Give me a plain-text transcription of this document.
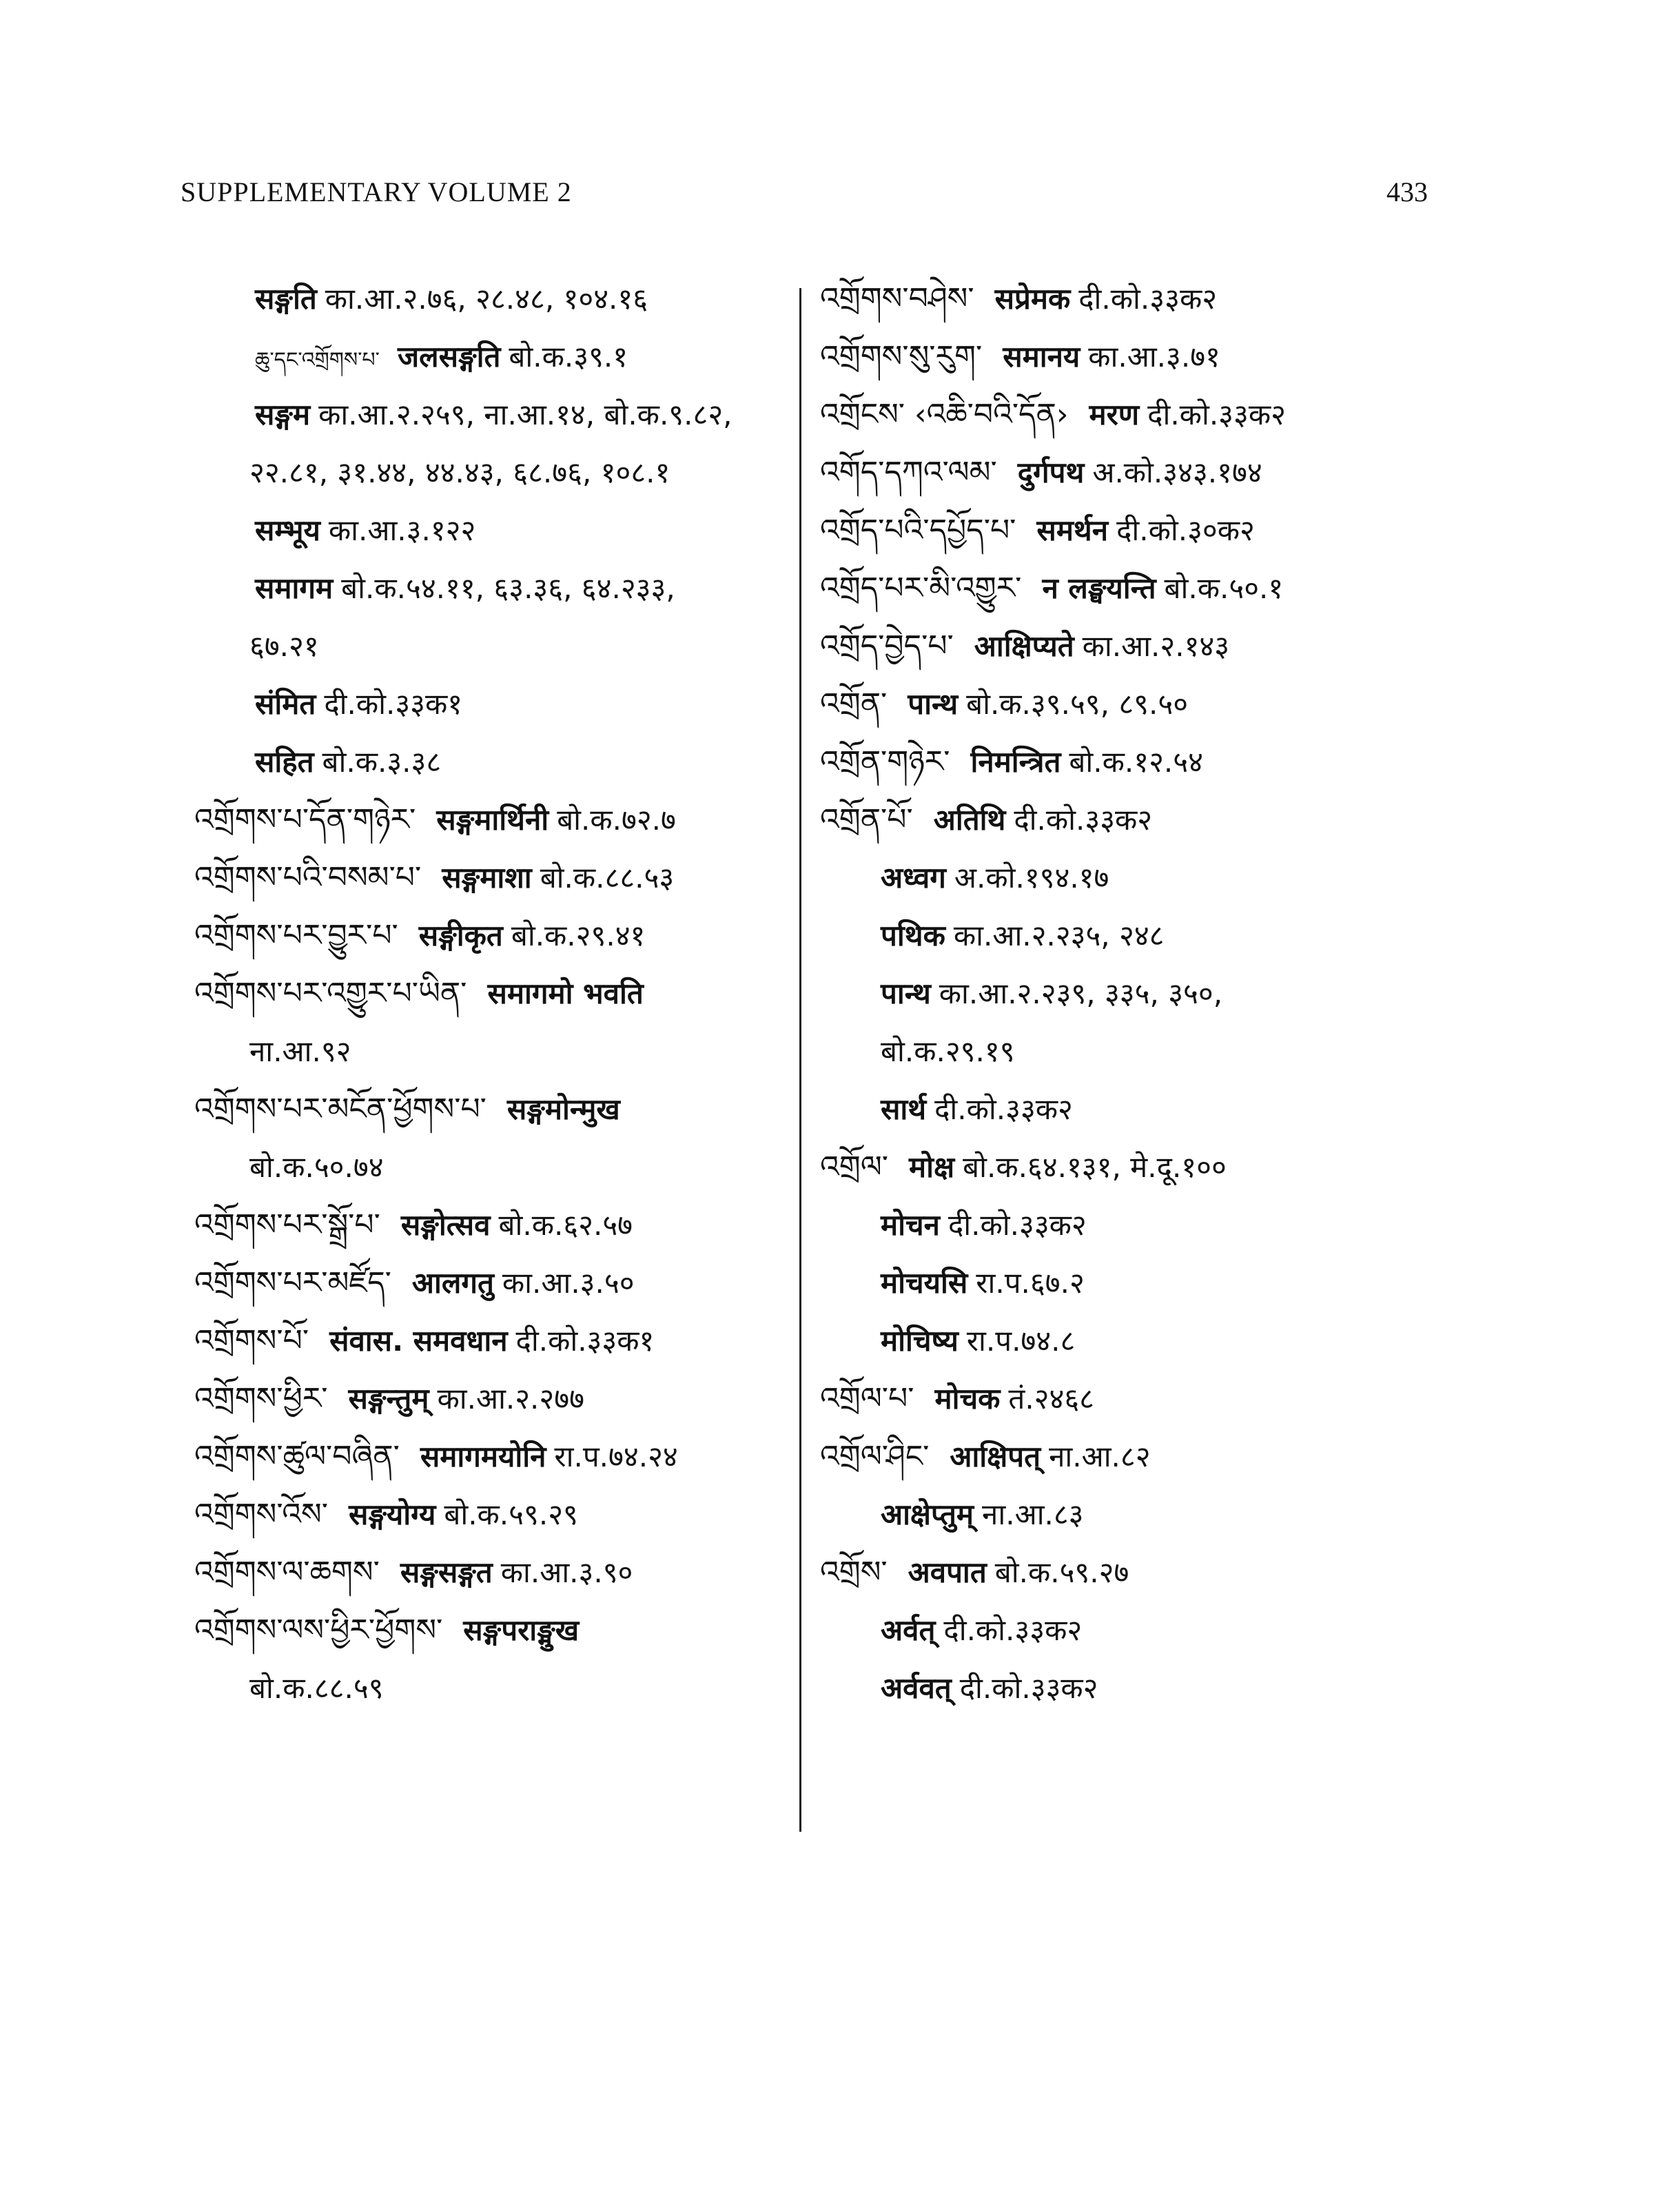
SUPPLEMENTARY VOLUME 2	433
सङ्गति का.आ.२.७६, २८.४८, १०४.१६
ཆུ་དང་འགྲོགས་པ་ जलसङ्गति बो.क.३९.१
सङ्गम का.आ.२.२५९, ना.आ.१४, बो.क.९.८२,
२२.८१, ३१.४४, ४४.४३, ६८.७६, १०८.१
सम्भूय का.आ.३.१२२
समागम बो.क.५४.११, ६३.३६, ६४.२३३,
६७.२१
संमित दी.को.३३क१
सहित बो.क.३.३८
འགྲོགས་པ་དོན་གཉེར་ सङ्गमार्थिनी बो.क.७२.७
འགྲོགས་པའི་བསམ་པ་ सङ्गमाशा बो.क.८८.५३
འགྲོགས་པར་བྱུར་པ་ सङ्गीकृत बो.क.२९.४१
འགྲོགས་པར་འགྱུར་པ་ཡིན་ समागमो भवति
ना.आ.९२
འགྲོགས་པར་མངོན་ཕྱོགས་པ་ सङ्गमोन्मुख
बो.क.५०.७४
འགྲོགས་པར་སྒྲོ་པ་ सङ्गोत्सव बो.क.६२.५७
འགྲོགས་པར་མཛོད་ आलगतु का.आ.३.५०
འགྲོགས་པོ་ संवास. समवधान दी.को.३३क१
འགྲོགས་ཕྱིར་ सङ्गन्तुम् का.आ.२.२७७
འགྲོགས་ཚུལ་བཞིན་ समागमयोनि रा.प.७४.२४
འགྲོགས་འོས་ सङ्गयोग्य बो.क.५९.२९
འགྲོགས་ལ་ཆགས་ सङ्गसङ्गत का.आ.३.९०
འགྲོགས་ལས་ཕྱིར་ཕྱོགས་ सङ्गपराङ्मुख
बो.क.८८.५९
འགྲོགས་བཤེས་ सप्रेमक दी.को.३३क२
འགྲོགས་སུ་རུག་ समानय का.आ.३.७१
འགྲོངས་ ‹འཆི་བའི་དོན› मरण दी.को.३३क२
འགོད་དཀའ་ལམ་ दुर्गपथ अ.को.३४३.१७४
འགྲོད་པའི་དཔྱོད་པ་ समर्थन दी.को.३०क२
འགྲོད་པར་མི་འགྱུར་ न लङ्घयन्ति बो.क.५०.१
འགྲོད་བྱེད་པ་ आक्षिप्यते का.आ.२.१४३
འགྲོན་ पान्थ बो.क.३९.५९, ८९.५०
འགྲོན་གཉེར་ निमन्त्रित बो.क.१२.५४
འགྲོན་པོ་ अतिथि दी.को.३३क२
अध्वग अ.को.१९४.१७
पथिक का.आ.२.२३५, २४८
पान्थ का.आ.२.२३९, ३३५, ३५०,
बो.क.२९.१९
सार्थ दी.को.३३क२
འགྲོལ་ मोक्ष बो.क.६४.१३१, मे.दू.१००
मोचन दी.को.३३क२
मोचयसि रा.प.६७.२
मोचिष्य रा.प.७४.८
འགྲོལ་པ་ मोचक तं.२४६८
འགྲོལ་ཤིང་ आक्षिपत् ना.आ.८२
आक्षेप्तुम् ना.आ.८३
འགྲོས་ अवपात बो.क.५९.२७
अर्वत् दी.को.३३क२
अर्ववत् दी.को.३३क२
